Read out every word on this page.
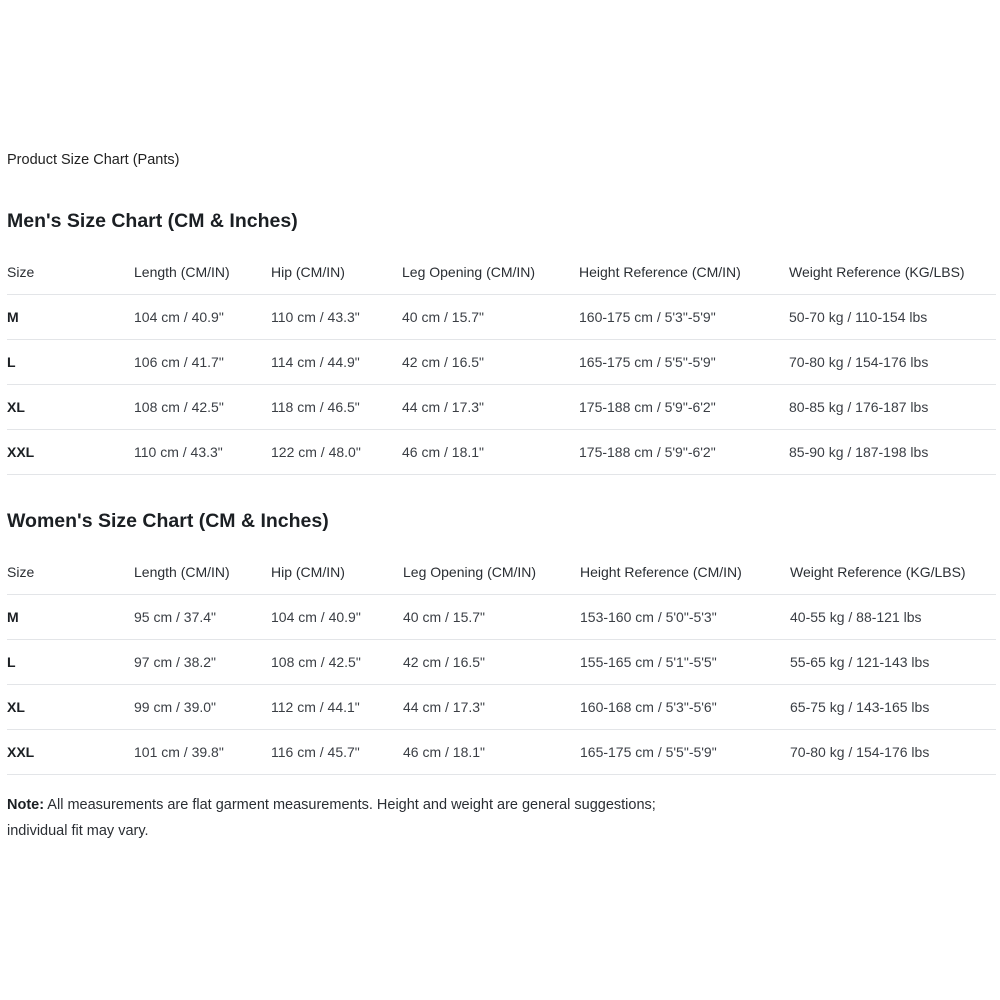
Product Size Chart (Pants)
Men's Size Chart (CM & Inches)
Size	Length (CM/IN)	Hip (CM/IN)	Leg Opening (CM/IN)	Height Reference (CM/IN)	Weight Reference (KG/LBS)
M	104 cm / 40.9"	110 cm / 43.3"	40 cm / 15.7"	160-175 cm / 5'3"-5'9"	50-70 kg / 110-154 lbs
L	106 cm / 41.7"	114 cm / 44.9"	42 cm / 16.5"	165-175 cm / 5'5"-5'9"	70-80 kg / 154-176 lbs
XL	108 cm / 42.5"	118 cm / 46.5"	44 cm / 17.3"	175-188 cm / 5'9"-6'2"	80-85 kg / 176-187 lbs
XXL	110 cm / 43.3"	122 cm / 48.0"	46 cm / 18.1"	175-188 cm / 5'9"-6'2"	85-90 kg / 187-198 lbs
Women's Size Chart (CM & Inches)
Size	Length (CM/IN)	Hip (CM/IN)	Leg Opening (CM/IN)	Height Reference (CM/IN)	Weight Reference (KG/LBS)
M	95 cm / 37.4"	104 cm / 40.9"	40 cm / 15.7"	153-160 cm / 5'0"-5'3"	40-55 kg / 88-121 lbs
L	97 cm / 38.2"	108 cm / 42.5"	42 cm / 16.5"	155-165 cm / 5'1"-5'5"	55-65 kg / 121-143 lbs
XL	99 cm / 39.0"	112 cm / 44.1"	44 cm / 17.3"	160-168 cm / 5'3"-5'6"	65-75 kg / 143-165 lbs
XXL	101 cm / 39.8"	116 cm / 45.7"	46 cm / 18.1"	165-175 cm / 5'5"-5'9"	70-80 kg / 154-176 lbs
Note: All measurements are flat garment measurements. Height and weight are general suggestions; individual fit may vary.
